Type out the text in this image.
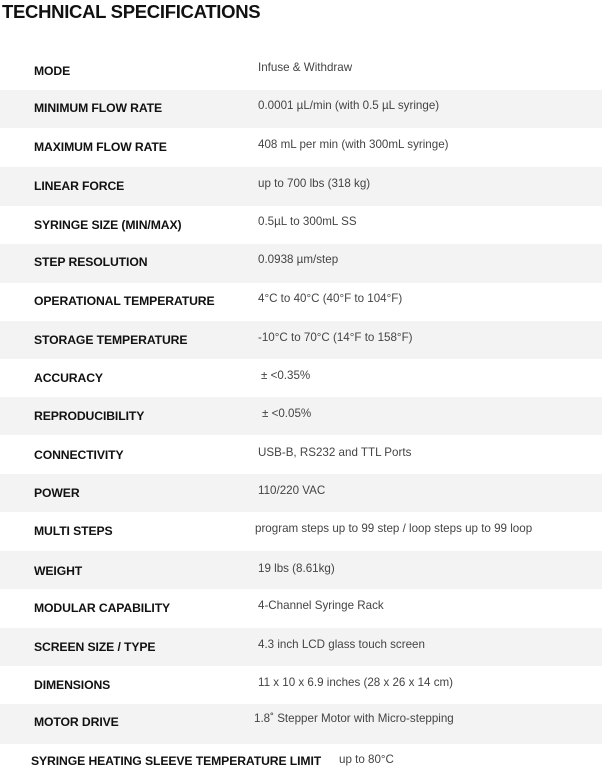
TECHNICAL SPECIFICATIONS
MODE	Infuse & Withdraw
MINIMUM FLOW RATE	0.0001 µL/min (with 0.5 µL syringe)
MAXIMUM FLOW RATE	408 mL per min (with 300mL syringe)
LINEAR FORCE	up to 700 lbs (318 kg)
SYRINGE SIZE (MIN/MAX)	0.5µL to 300mL SS
STEP RESOLUTION	0.0938 µm/step
OPERATIONAL TEMPERATURE	4°C to 40°C (40°F to 104°F)
STORAGE TEMPERATURE	-10°C to 70°C (14°F to 158°F)
ACCURACY	± <0.35%
REPRODUCIBILITY	± <0.05%
CONNECTIVITY	USB-B, RS232 and TTL Ports
POWER	110/220 VAC
MULTI STEPS	program steps up to 99 step / loop steps up to 99 loop
WEIGHT	19 lbs (8.61kg)
MODULAR CAPABILITY	4-Channel Syringe Rack
SCREEN SIZE / TYPE	4.3 inch LCD glass touch screen
DIMENSIONS	11 x 10 x 6.9 inches (28 x 26 x 14 cm)
MOTOR DRIVE	1.8˚ Stepper Motor with Micro-stepping
SYRINGE HEATING SLEEVE TEMPERATURE LIMIT up to 80°C
